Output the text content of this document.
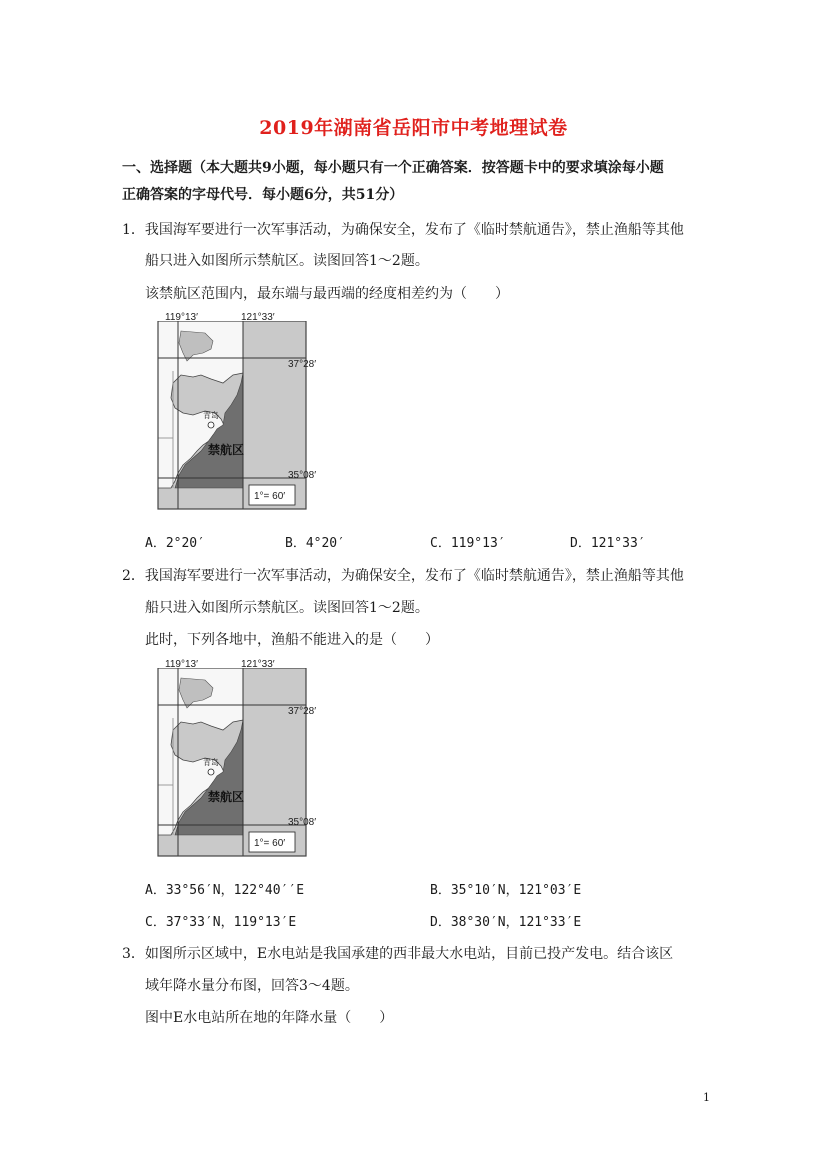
2019年湖南省岳阳市中考地理试卷
一、选择题（本大题共9小题，每小题只有一个正确答案．按答题卡中的要求填涂每小题
正确答案的字母代号．每小题6分，共51分）
1．我国海军要进行一次军事活动，为确保安全，发布了《临时禁航通告》，禁止渔船等其他
船只进入如图所示禁航区。读图回答1～2题。
该禁航区范围内，最东端与最西端的经度相差约为（　　）
119°13′	121°33′
37°28′
35°08′
青岛
禁航区
1°= 60′
A．2°20′	B．4°20′	C．119°13′	D．121°33′
2．我国海军要进行一次军事活动，为确保安全，发布了《临时禁航通告》，禁止渔船等其他
船只进入如图所示禁航区。读图回答1～2题。
此时，下列各地中，渔船不能进入的是（　　）
119°13′	121°33′
37°28′
35°08′
青岛
禁航区
1°= 60′
A．33°56′N，122°40′′E	B．35°10′N，121°03′E
C．37°33′N，119°13′E	D．38°30′N，121°33′E
3．如图所示区域中，E水电站是我国承建的西非最大水电站，目前已投产发电。结合该区
域年降水量分布图，回答3～4题。
图中E水电站所在地的年降水量（　　）
1
